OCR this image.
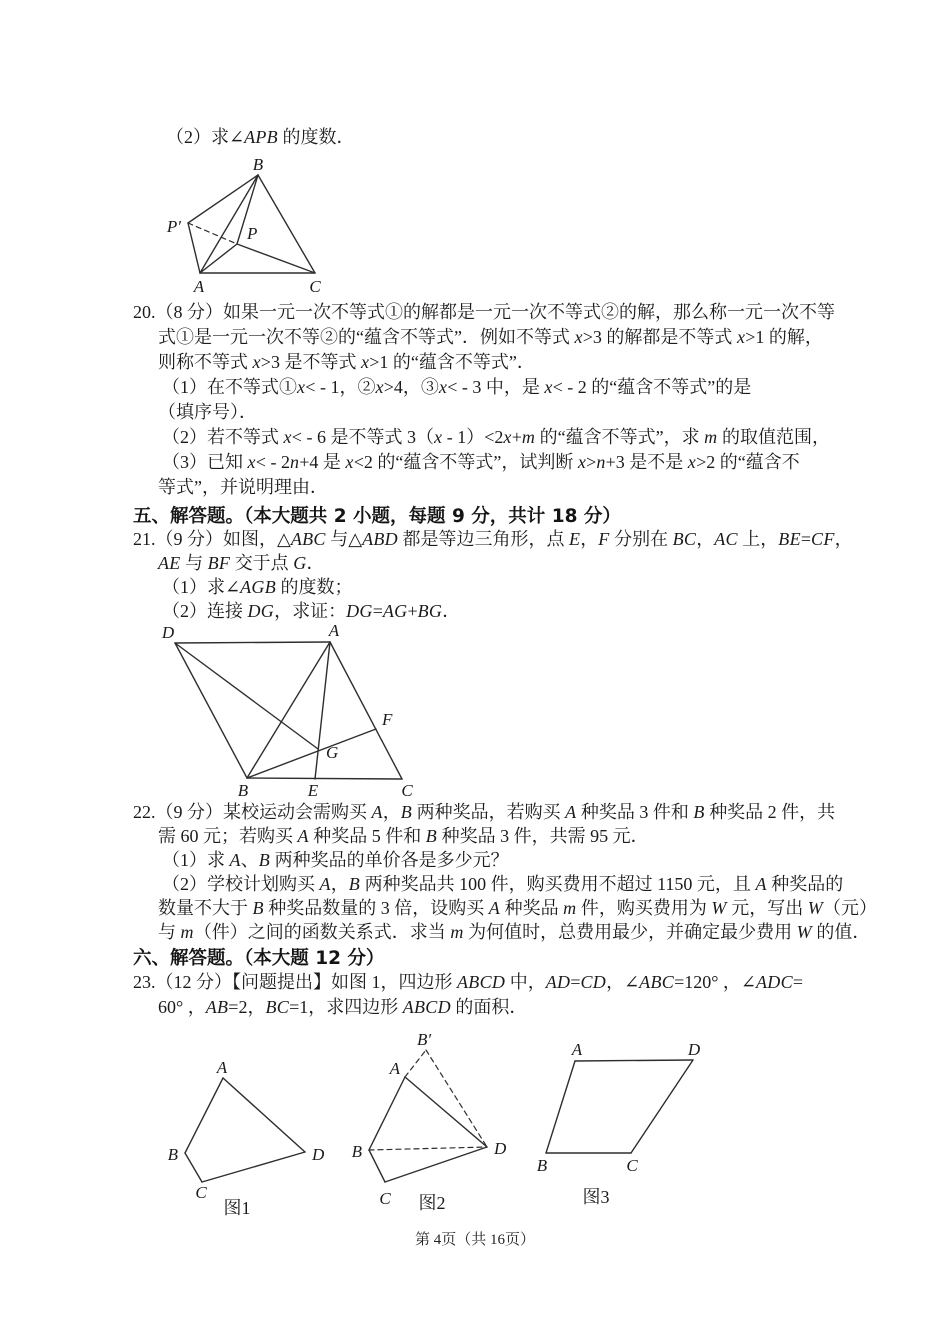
（2）求∠APB 的度数．
B
P′	P
A	C
20.（8 分）如果一元一次不等式①的解都是一元一次不等式②的解，那么称一元一次不等
式①是一元一次不等②的“蕴含不等式”．例如不等式 x>3 的解都是不等式 x>1 的解，
则称不等式 x>3 是不等式 x>1 的“蕴含不等式”．
（1）在不等式①x< - 1，②x>4，③x< - 3 中，是 x< - 2 的“蕴含不等式”的是
（填序号）．
（2）若不等式 x< - 6 是不等式 3（x - 1）<2x+m 的“蕴含不等式”，求 m 的取值范围，
（3）已知 x< - 2n+4 是 x<2 的“蕴含不等式”，试判断 x>n+3 是不是 x>2 的“蕴含不
等式”，并说明理由．
五、解答题。（本大题共 2 小题，每题 9 分，共计 18 分）
21.（9 分）如图，△ABC 与△ABD 都是等边三角形，点 E，F 分别在 BC，AC 上，BE=CF，
AE 与 BF 交于点 G．
（1）求∠AGB 的度数；
（2）连接 DG，求证：DG=AG+BG．
D	A
F
G
B	E	C
22.（9 分）某校运动会需购买 A，B 两种奖品，若购买 A 种奖品 3 件和 B 种奖品 2 件，共
需 60 元；若购买 A 种奖品 5 件和 B 种奖品 3 件，共需 95 元．
（1）求 A、B 两种奖品的单价各是多少元？
（2）学校计划购买 A，B 两种奖品共 100 件，购买费用不超过 1150 元，且 A 种奖品的
数量不大于 B 种奖品数量的 3 倍，设购买 A 种奖品 m 件，购买费用为 W 元，写出 W（元）
与 m（件）之间的函数关系式．求当 m 为何值时，总费用最少，并确定最少费用 W 的值．
六、解答题。（本大题 12 分）
23.（12 分）【问题提出】如图 1，四边形 ABCD 中，AD=CD，∠ABC=120° ，∠ADC=
60° ，AB=2，BC=1，求四边形 ABCD 的面积．
A
B
C
D
图1
B′
A
B
C
D
图2
A	D
B	C
图3
第 4页（共 16页）
